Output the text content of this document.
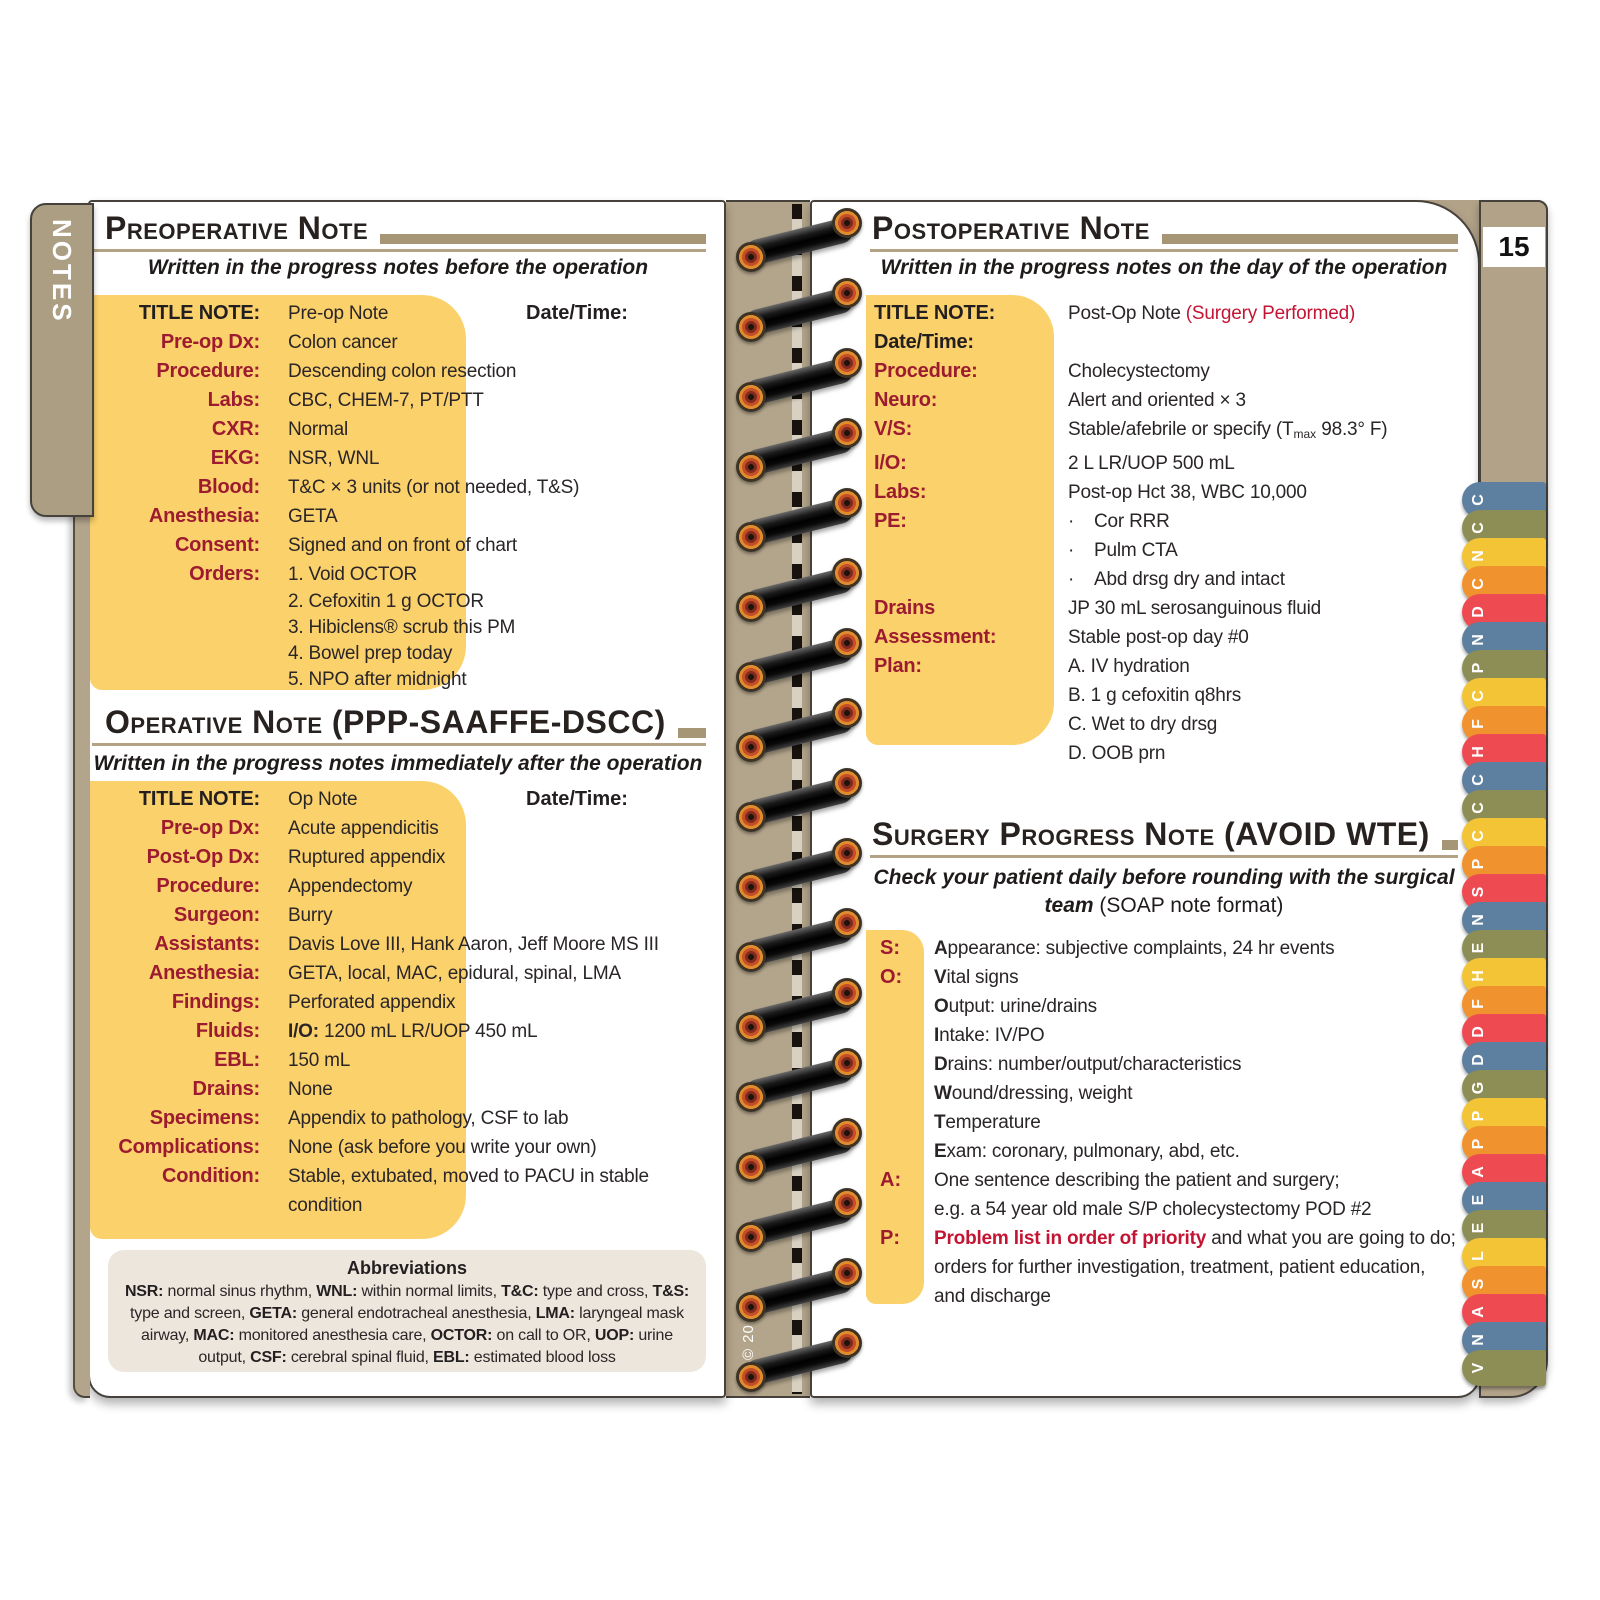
© 20
NOTES Preoperative Note
Written in the progress notes before the operation
TITLE NOTE: Pre-op Note	Date/Time:
Pre-op Dx: Colon cancer
Procedure: Descending colon resection
Labs: CBC, CHEM-7, PT/PTT
CXR: Normal
EKG: NSR, WNL
Blood: T&C × 3 units (or not needed, T&S)
Anesthesia: GETA
Consent: Signed and on front of chart
Orders: 1. Void OCTOR
2. Cefoxitin 1 g OCTOR
3. Hibiclens® scrub this PM
4. Bowel prep today
5. NPO after midnight
Operative Note (PPP-SAAFFE-DSCC)
Written in the progress notes immediately after the operation
TITLE NOTE: Op Note	Date/Time:
Pre-op Dx: Acute appendicitis
Post-Op Dx: Ruptured appendix
Procedure: Appendectomy
Surgeon: Burry
Assistants: Davis Love III, Hank Aaron, Jeff Moore MS III
Anesthesia: GETA, local, MAC, epidural, spinal, LMA
Findings: Perforated appendix
Fluids: I/O: 1200 mL LR/UOP 450 mL
EBL: 150 mL
Drains: None
Specimens: Appendix to pathology, CSF to lab
Complications: None (ask before you write your own)
Condition: Stable, extubated, moved to PACU in stable condition
Abbreviations
NSR: normal sinus rhythm, WNL: within normal limits, T&C: type and cross, T&S: type and screen, GETA: general endotracheal anesthesia, LMA: laryngeal mask airway, MAC: monitored anesthesia care, OCTOR: on call to OR, UOP: urine output, CSF: cerebral spinal fluid, EBL: estimated blood loss
Postoperative Note
Written in the progress notes on the day of the operation
TITLE NOTE:	Post-Op Note (Surgery Performed)
Date/Time:
Procedure:	Cholecystectomy
Neuro:	Alert and oriented × 3
V/S:	Stable/afebrile or specify (Tmax 98.3° F)
I/O:	2 L LR/UOP 500 mL
Labs:	Post-op Hct 38, WBC 10,000
PE:	· Cor RRR
· Pulm CTA
· Abd drsg dry and intact
Drains	JP 30 mL serosanguinous fluid
Assessment:	Stable post-op day #0
Plan:	A. IV hydration
B. 1 g cefoxitin q8hrs
C. Wet to dry drsg
D. OOB prn
Surgery Progress Note (AVOID WTE)
Check your patient daily before rounding with the surgical team (SOAP note format)
S:	Appearance: subjective complaints, 24 hr events
O:	Vital signs
Output: urine/drains
Intake: IV/PO
Drains: number/output/characteristics
Wound/dressing, weight
Temperature
Exam: coronary, pulmonary, abd, etc.
A:	One sentence describing the patient and surgery;
e.g. a 54 year old male S/P cholecystectomy POD #2
P:	Problem list in order of priority and what you are going to do; orders for further investigation, treatment, patient education, and discharge
15
C
C
N
C
D
N
P
C
F
H
C
C
C
P
S
N
E
H
F
D
D
G
P
P
A
E
E
L
S
A
N
V
